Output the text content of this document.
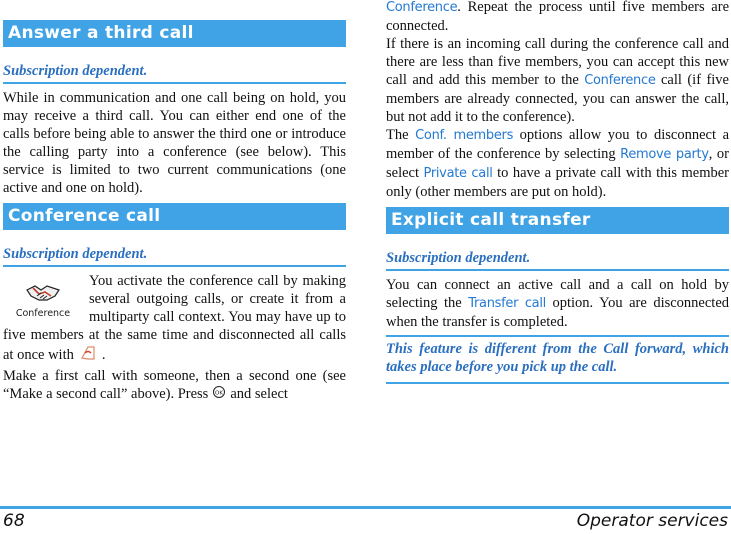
Answer a third call
Subscription dependent.

While in communication and one call being on hold, you may receive a third call. You can either end one of the calls before being able to answer the third one or introduce the calling party into a conference (see below). This service is limited to two current communications (one active and one on hold).

Conference call
Subscription dependent.
Conference

You activate the conference call by making several outgoing calls, or create it from a multiparty call context. You may have up to five members at the same time and disconnected all calls at once with .

Make a first call with someone, then a second one (see “Make a second call” above). Press OK and select

Conference. Repeat the process until five members are connected.

If there is an incoming call during the conference call and there are less than five members, you can accept this new call and add this member to the Conference call (if five members are already connected, you can answer the call, but not add it to the conference).

The Conf. members options allow you to disconnect a member of the conference by selecting Remove party, or select Private call to have a private call with this member only (other members are put on hold).

Explicit call transfer
Subscription dependent.

You can connect an active call and a call on hold by selecting the Transfer call option. You are disconnected when the transfer is completed.

This feature is different from the Call forward, which takes place before you pick up the call.
68	Operator services
